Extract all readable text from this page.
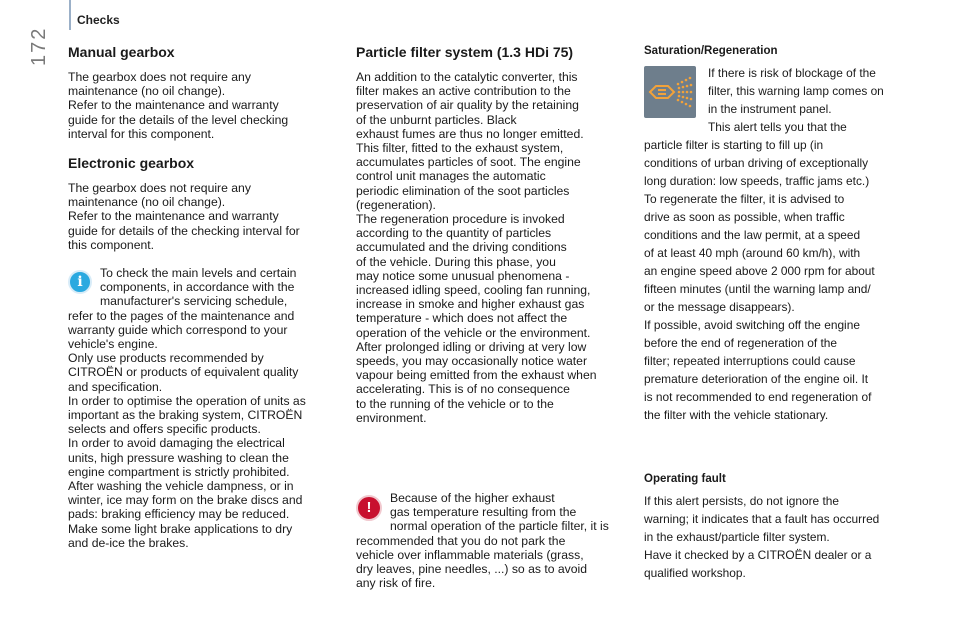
172
Checks
Manual gearbox

The gearbox does not require any
maintenance (no oil change).
Refer to the maintenance and warranty
guide for the details of the level checking
interval for this component.

Electronic gearbox

The gearbox does not require any
maintenance (no oil change).
Refer to the maintenance and warranty
guide for details of the checking interval for
this component.

i

To check the main levels and certain
components, in accordance with the
manufacturer's servicing schedule,
refer to the pages of the maintenance and
warranty guide which correspond to your
vehicle's engine.
Only use products recommended by
CITROËN or products of equivalent quality
and specification.
In order to optimise the operation of units as
important as the braking system, CITROËN
selects and offers specific products.
In order to avoid damaging the electrical
units, high pressure washing to clean the
engine compartment is strictly prohibited.
After washing the vehicle dampness, or in
winter, ice may form on the brake discs and
pads: braking efficiency may be reduced.
Make some light brake applications to dry
and de-ice the brakes.

Particle filter system (1.3 HDi 75)

An addition to the catalytic converter, this
filter makes an active contribution to the
preservation of air quality by the retaining
of the unburnt particles. Black
exhaust fumes are thus no longer emitted.
This filter, fitted to the exhaust system,
accumulates particles of soot. The engine
control unit manages the automatic
periodic elimination of the soot particles
(regeneration).
The regeneration procedure is invoked
according to the quantity of particles
accumulated and the driving conditions
of the vehicle. During this phase, you
may notice some unusual phenomena -
increased idling speed, cooling fan running,
increase in smoke and higher exhaust gas
temperature - which does not affect the
operation of the vehicle or the environment.
After prolonged idling or driving at very low
speeds, you may occasionally notice water
vapour being emitted from the exhaust when
accelerating. This is of no consequence
to the running of the vehicle or to the
environment.

!

Because of the higher exhaust
gas temperature resulting from the
normal operation of the particle filter, it is
recommended that you do not park the
vehicle over inflammable materials (grass,
dry leaves, pine needles, ...) so as to avoid
any risk of fire.

Saturation/Regeneration

If there is risk of blockage of the
filter, this warning lamp comes on
in the instrument panel.
This alert tells you that the
particle filter is starting to fill up (in
conditions of urban driving of exceptionally
long duration: low speeds, traffic jams etc.)
To regenerate the filter, it is advised to
drive as soon as possible, when traffic
conditions and the law permit, at a speed
of at least 40 mph (around 60 km/h), with
an engine speed above 2 000 rpm for about
fifteen minutes (until the warning lamp and/
or the message disappears).
If possible, avoid switching off the engine
before the end of regeneration of the
filter; repeated interruptions could cause
premature deterioration of the engine oil. It
is not recommended to end regeneration of
the filter with the vehicle stationary.

Operating fault

If this alert persists, do not ignore the
warning; it indicates that a fault has occurred
in the exhaust/particle filter system.
Have it checked by a CITROËN dealer or a
qualified workshop.
